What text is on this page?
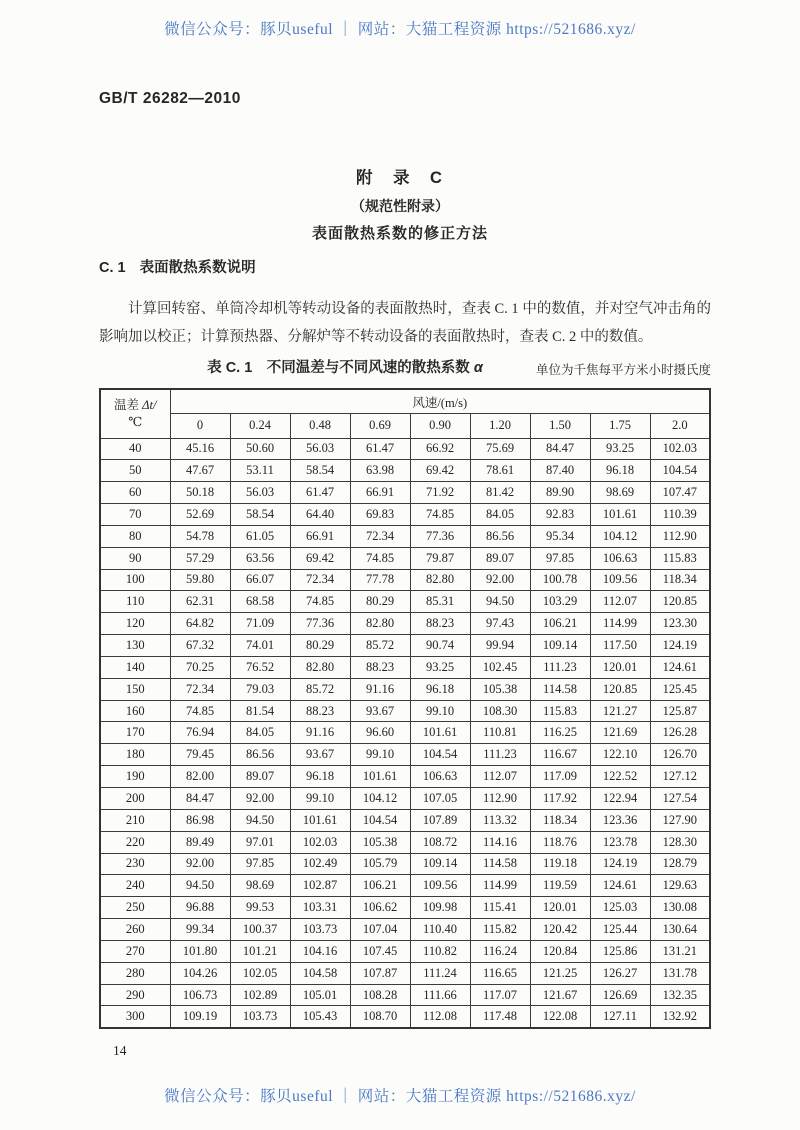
微信公众号：豚贝useful ｜ 网站：大猫工程资源 https://521686.xyz/
GB/T 26282—2010
附　录　C
（规范性附录）
表面散热系数的修正方法
C. 1 表面散热系数说明
计算回转窑、单筒冷却机等转动设备的表面散热时，查表 C. 1 中的数值，并对空气冲击角的影响加以校正；计算预热器、分解炉等不转动设备的表面散热时，查表 C. 2 中的数值。
表 C. 1　不同温差与不同风速的散热系数 α	单位为千焦每平方米小时摄氏度
温差 Δt/
℃	风速/(m/s)								
	0	0.24	0.48	0.69	0.90	1.20	1.50	1.75	2.0
40	45.16	50.60	56.03	61.47	66.92	75.69	84.47	93.25	102.03
50	47.67	53.11	58.54	63.98	69.42	78.61	87.40	96.18	104.54
60	50.18	56.03	61.47	66.91	71.92	81.42	89.90	98.69	107.47
70	52.69	58.54	64.40	69.83	74.85	84.05	92.83	101.61	110.39
80	54.78	61.05	66.91	72.34	77.36	86.56	95.34	104.12	112.90
90	57.29	63.56	69.42	74.85	79.87	89.07	97.85	106.63	115.83
100	59.80	66.07	72.34	77.78	82.80	92.00	100.78	109.56	118.34
110	62.31	68.58	74.85	80.29	85.31	94.50	103.29	112.07	120.85
120	64.82	71.09	77.36	82.80	88.23	97.43	106.21	114.99	123.30
130	67.32	74.01	80.29	85.72	90.74	99.94	109.14	117.50	124.19
140	70.25	76.52	82.80	88.23	93.25	102.45	111.23	120.01	124.61
150	72.34	79.03	85.72	91.16	96.18	105.38	114.58	120.85	125.45
160	74.85	81.54	88.23	93.67	99.10	108.30	115.83	121.27	125.87
170	76.94	84.05	91.16	96.60	101.61	110.81	116.25	121.69	126.28
180	79.45	86.56	93.67	99.10	104.54	111.23	116.67	122.10	126.70
190	82.00	89.07	96.18	101.61	106.63	112.07	117.09	122.52	127.12
200	84.47	92.00	99.10	104.12	107.05	112.90	117.92	122.94	127.54
210	86.98	94.50	101.61	104.54	107.89	113.32	118.34	123.36	127.90
220	89.49	97.01	102.03	105.38	108.72	114.16	118.76	123.78	128.30
230	92.00	97.85	102.49	105.79	109.14	114.58	119.18	124.19	128.79
240	94.50	98.69	102.87	106.21	109.56	114.99	119.59	124.61	129.63
250	96.88	99.53	103.31	106.62	109.98	115.41	120.01	125.03	130.08
260	99.34	100.37	103.73	107.04	110.40	115.82	120.42	125.44	130.64
270	101.80	101.21	104.16	107.45	110.82	116.24	120.84	125.86	131.21
280	104.26	102.05	104.58	107.87	111.24	116.65	121.25	126.27	131.78
290	106.73	102.89	105.01	108.28	111.66	117.07	121.67	126.69	132.35
300	109.19	103.73	105.43	108.70	112.08	117.48	122.08	127.11	132.92
14
微信公众号：豚贝useful ｜ 网站：大猫工程资源 https://521686.xyz/
